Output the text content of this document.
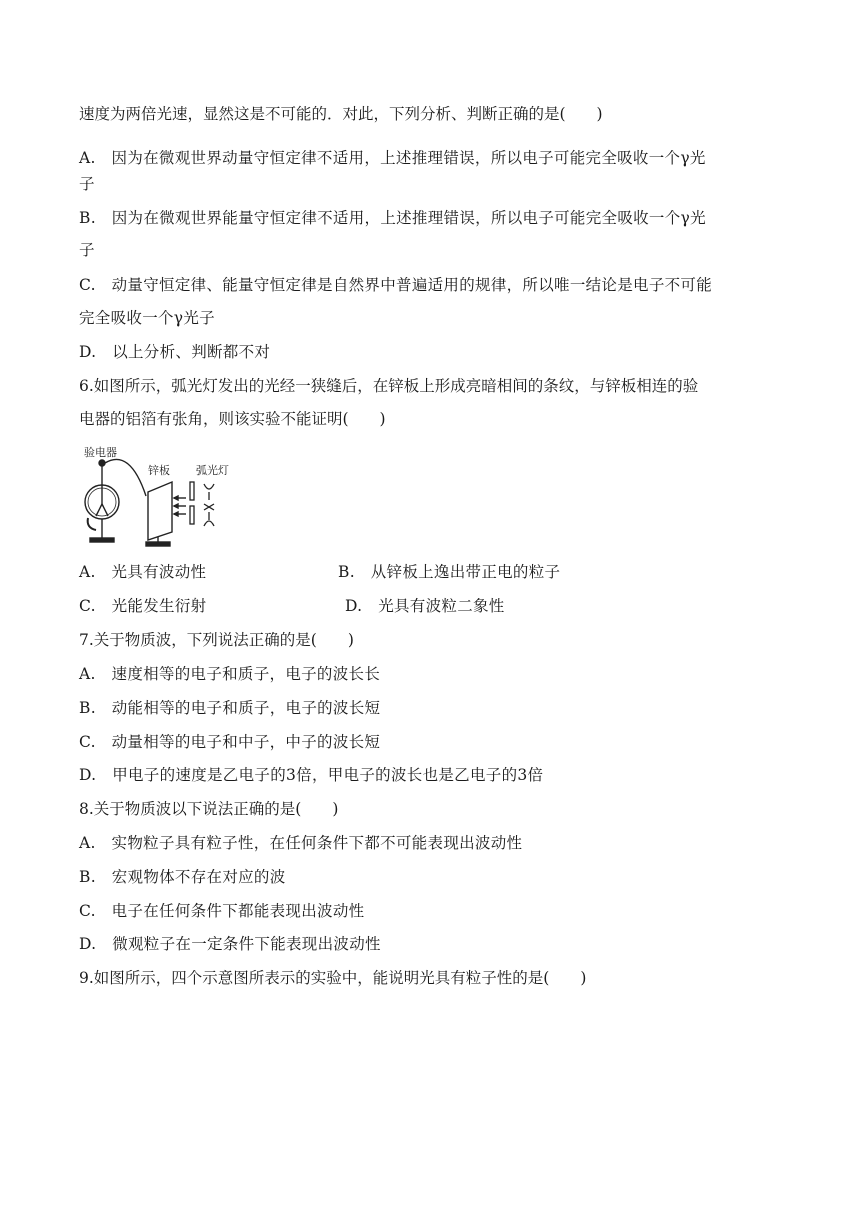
速度为两倍光速，显然这是不可能的．对此，下列分析、判断正确的是(　　)
A.　因为在微观世界动量守恒定律不适用，上述推理错误，所以电子可能完全吸收一个γ光
子
B.　因为在微观世界能量守恒定律不适用，上述推理错误，所以电子可能完全吸收一个γ光
子
C.　动量守恒定律、能量守恒定律是自然界中普遍适用的规律，所以唯一结论是电子不可能
完全吸收一个γ光子
D.　以上分析、判断都不对
6.如图所示，弧光灯发出的光经一狭缝后，在锌板上形成亮暗相间的条纹，与锌板相连的验
电器的铝箔有张角，则该实验不能证明(　　)
验电器
锌板 弧光灯
A.　光具有波动性	B.　从锌板上逸出带正电的粒子
C.　光能发生衍射	D.　光具有波粒二象性
7.关于物质波，下列说法正确的是(　　)
A.　速度相等的电子和质子，电子的波长长
B.　动能相等的电子和质子，电子的波长短
C.　动量相等的电子和中子，中子的波长短
D.　甲电子的速度是乙电子的3倍，甲电子的波长也是乙电子的3倍
8.关于物质波以下说法正确的是(　　)
A.　实物粒子具有粒子性，在任何条件下都不可能表现出波动性
B.　宏观物体不存在对应的波
C.　电子在任何条件下都能表现出波动性
D.　微观粒子在一定条件下能表现出波动性
9.如图所示，四个示意图所表示的实验中，能说明光具有粒子性的是(　　)
